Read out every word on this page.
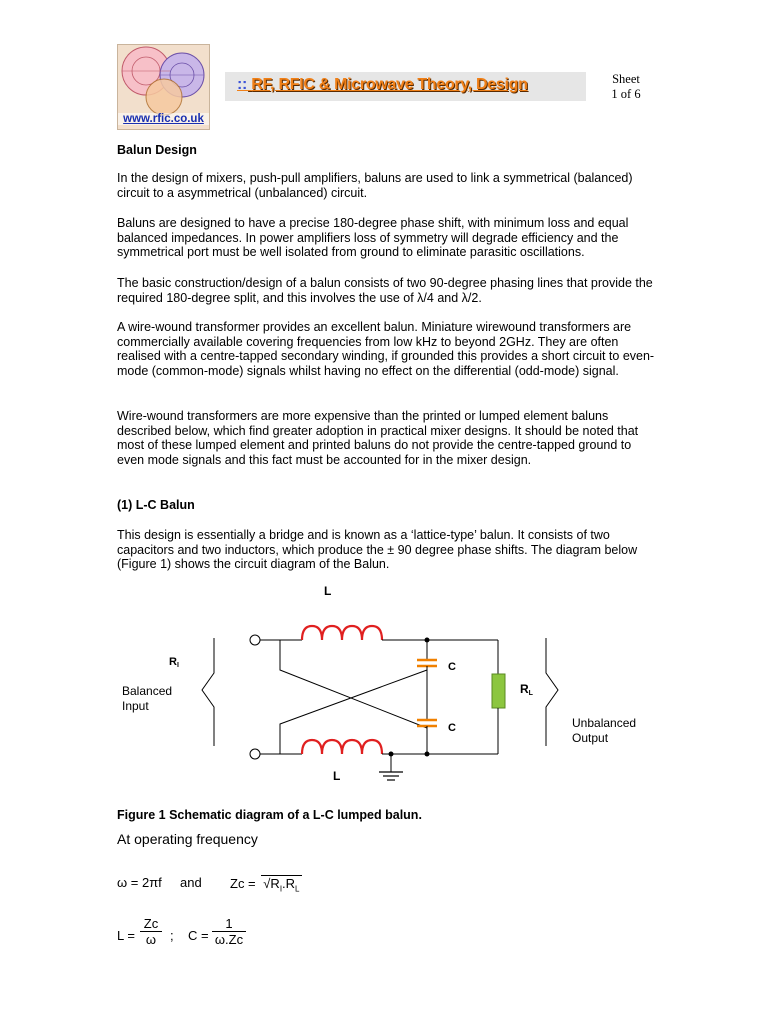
www.rfic.co.uk
:: RF, RFIC & Microwave Theory, Design	Sheet
1 of 6
Balun Design
In the design of mixers, push-pull amplifiers, baluns are used to link a symmetrical (balanced) circuit to a asymmetrical (unbalanced) circuit.
Baluns are designed to have a precise 180-degree phase shift, with minimum loss and equal balanced impedances. In power amplifiers loss of symmetry will degrade efficiency and the symmetrical port must be well isolated from ground to eliminate parasitic oscillations.
The basic construction/design of a balun consists of two 90-degree phasing lines that provide the required 180-degree split, and this involves the use of λ/4 and λ/2.
A wire-wound transformer provides an excellent balun. Miniature wirewound transformers are commercially available covering frequencies from low kHz to beyond 2GHz. They are often realised with a centre-tapped secondary winding, if grounded this provides a short circuit to even-mode (common-mode) signals whilst having no effect on the differential (odd-mode) signal.
Wire-wound transformers are more expensive than the printed or lumped element baluns described below, which find greater adoption in practical mixer designs. It should be noted that most of these lumped element and printed baluns do not provide the centre-tapped ground to even mode signals and this fact must be accounted for in the mixer design.
(1) L-C Balun
This design is essentially a bridge and is known as a ‘lattice-type’ balun. It consists of two capacitors and two inductors, which produce the ± 90 degree phase shifts. The diagram below (Figure 1) shows the circuit diagram of the Balun.
L
RI
Balanced
Input
C
C
RL
Unbalanced
Output
L
Figure 1 Schematic diagram of a L-C lumped balun.
At operating frequency
ω = 2πf and $Zc = √R_I.R_L$
$L = \frac{Zc}{\omega}$ ; $C = \frac{1}{\omega.Zc}$
